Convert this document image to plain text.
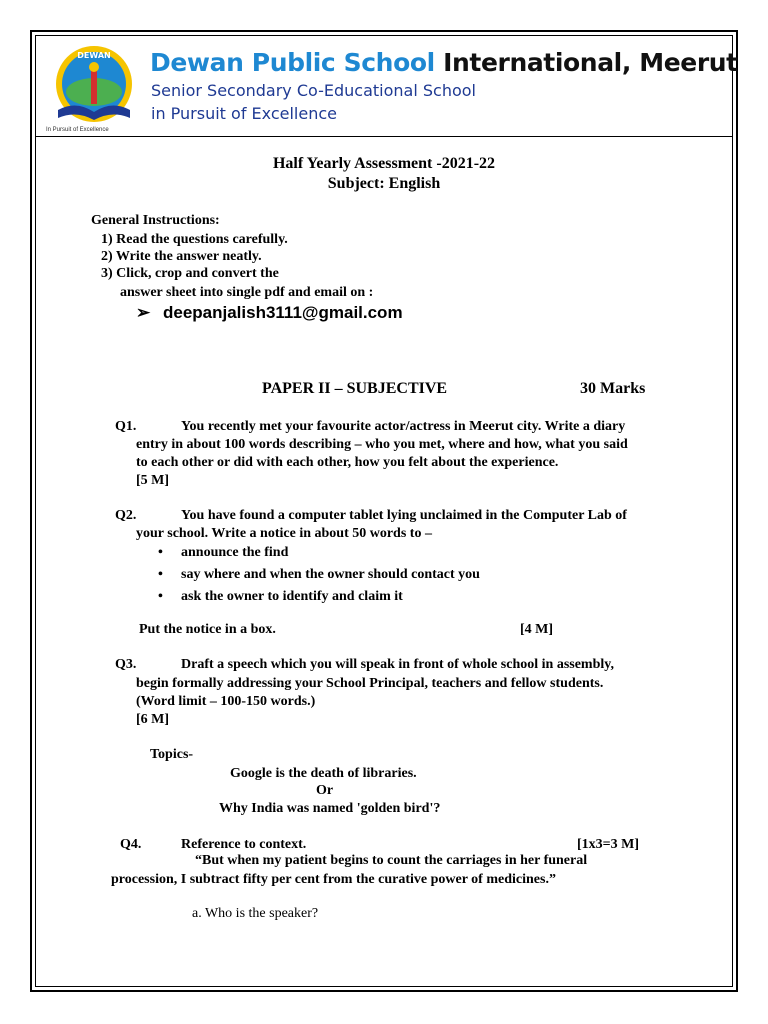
DEWAN Dewan Public School International, Meerut
Senior Secondary Co-Educational School
in Pursuit of Excellence
In Pursuit of Excellence
Half Yearly Assessment -2021-22
Subject: English
General Instructions:
1) Read the questions carefully.
2) Write the answer neatly.
3) Click, crop and convert the
answer sheet into single pdf and email on :
➢ deepanjalish3111@gmail.com
PAPER II – SUBJECTIVE	30 Marks
Q1.	You recently met your favourite actor/actress in Meerut city. Write a diary
entry in about 100 words describing – who you met, where and how, what you said
to each other or did with each other, how you felt about the experience.
[5 M]
Q2.	You have found a computer tablet lying unclaimed in the Computer Lab of
your school. Write a notice in about 50 words to –
• announce the find
• say where and when the owner should contact you
• ask the owner to identify and claim it
Put the notice in a box.	[4 M]
Q3.	Draft a speech which you will speak in front of whole school in assembly,
begin formally addressing your School Principal, teachers and fellow students.
(Word limit – 100-150 words.)
[6 M]
Topics-
Google is the death of libraries.
Or
Why India was named 'golden bird'?
Q4.	Reference to context.	[1x3=3 M]
“But when my patient begins to count the carriages in her funeral
procession, I subtract fifty per cent from the curative power of medicines.”
a. Who is the speaker?
